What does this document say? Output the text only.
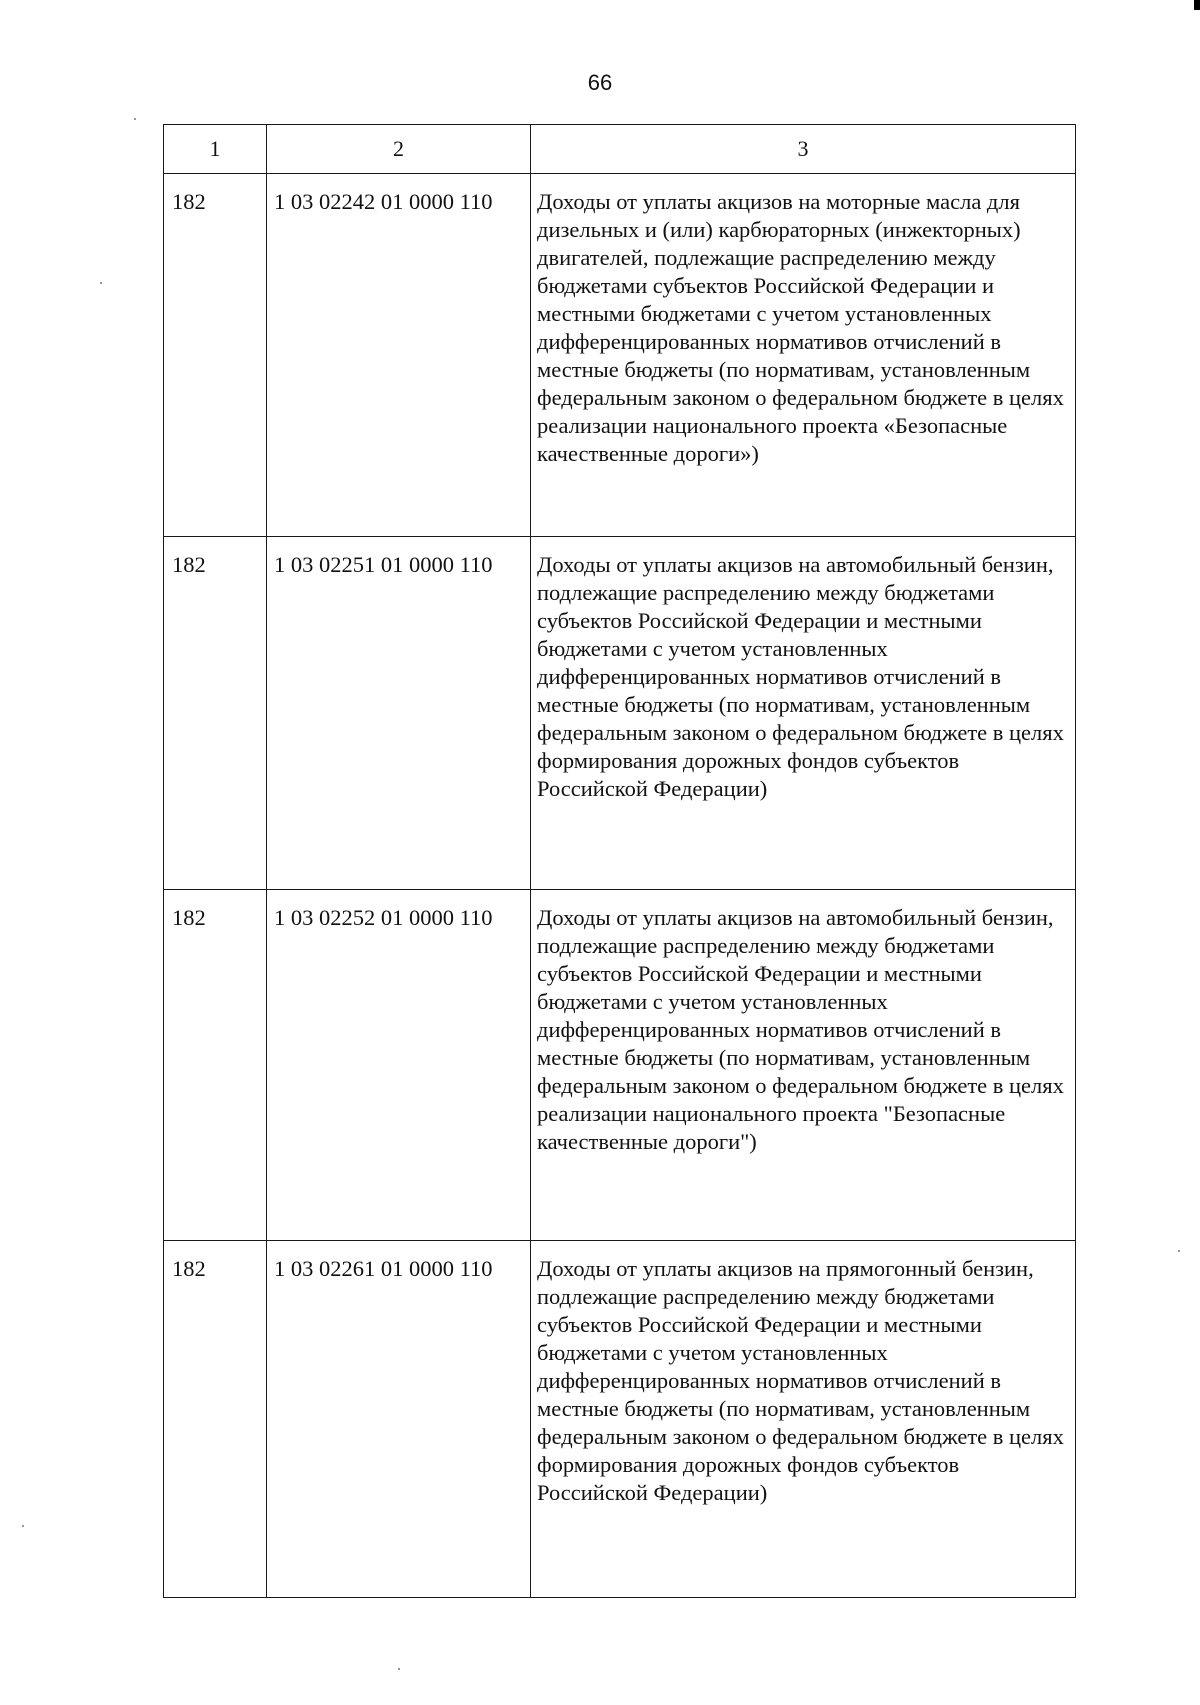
66
1	2	3
182	1 03 02242 01 0000 110	Доходы от уплаты акцизов на моторные масла для дизельных и (или) карбюраторных (инжекторных) двигателей, подлежащие распределению между бюджетами субъектов Российской Федерации и местными бюджетами с учетом установленных дифференцированных нормативов отчислений в местные бюджеты (по нормативам, установленным федеральным законом о федеральном бюджете в целях реализации национального проекта «Безопасные качественные дороги»)
182	1 03 02251 01 0000 110	Доходы от уплаты акцизов на автомобильный бензин, подлежащие распределению между бюджетами субъектов Российской Федерации и местными бюджетами с учетом установленных дифференцированных нормативов отчислений в местные бюджеты (по нормативам, установленным федеральным законом о федеральном бюджете в целях формирования дорожных фондов субъектов Российской Федерации)
182	1 03 02252 01 0000 110	Доходы от уплаты акцизов на автомобильный бензин, подлежащие распределению между бюджетами субъектов Российской Федерации и местными бюджетами с учетом установленных дифференцированных нормативов отчислений в местные бюджеты (по нормативам, установленным федеральным законом о федеральном бюджете в целях реализации национального проекта "Безопасные качественные дороги")
182	1 03 02261 01 0000 110	Доходы от уплаты акцизов на прямогонный бензин, подлежащие распределению между бюджетами субъектов Российской Федерации и местными бюджетами с учетом установленных дифференцированных нормативов отчислений в местные бюджеты (по нормативам, установленным федеральным законом о федеральном бюджете в целях формирования дорожных фондов субъектов Российской Федерации)
